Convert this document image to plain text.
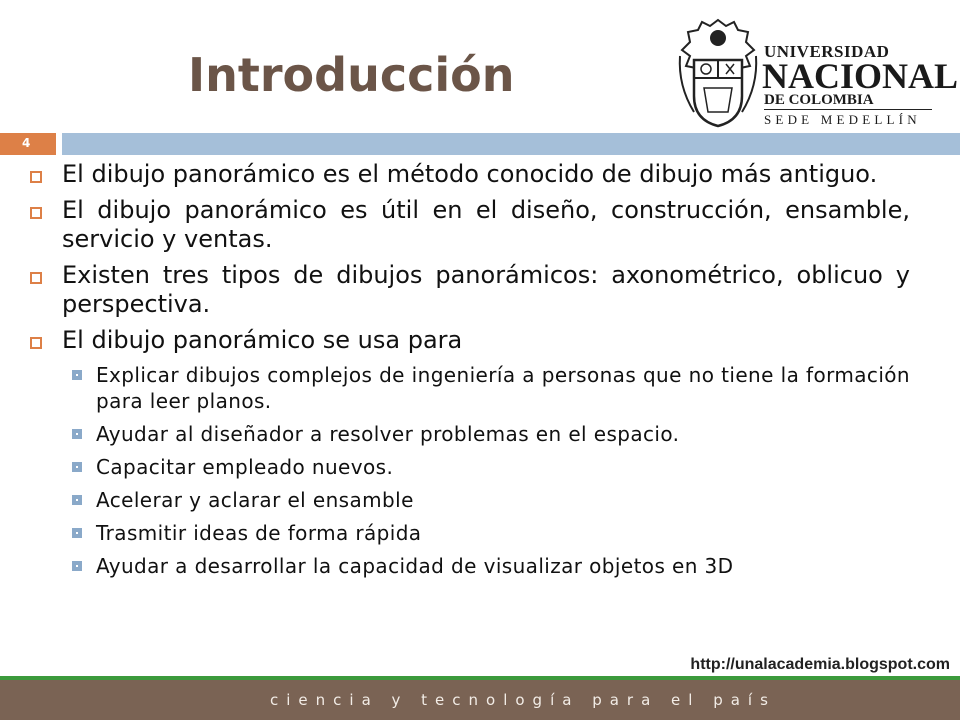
Introducción	UNIVERSIDAD
NACIONAL
DE COLOMBIA
SEDE MEDELLÍN
4
El dibujo panorámico es el método conocido de dibujo más antiguo.
El dibujo panorámico es útil en el diseño, construcción, ensamble, servicio y ventas.
Existen tres tipos de dibujos panorámicos: axonométrico, oblicuo y perspectiva.
El dibujo panorámico se usa para
Explicar dibujos complejos de ingeniería a personas que no tiene la formación para leer planos.
Ayudar al diseñador a resolver problemas en el espacio.
Capacitar empleado nuevos.
Acelerar y aclarar el ensamble
Trasmitir ideas de forma rápida
Ayudar a desarrollar la capacidad de visualizar objetos en 3D
http://unalacademia.blogspot.com
ciencia y tecnología para el país
